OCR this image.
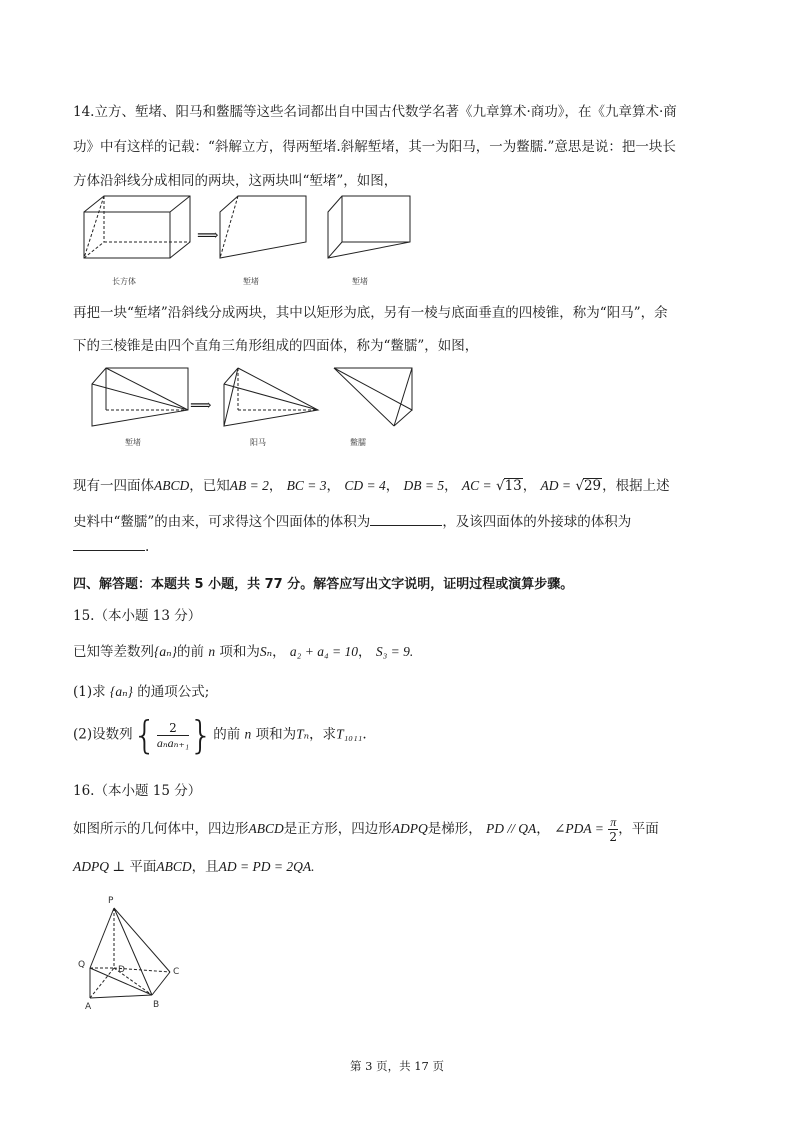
14.立方、堑堵、阳马和鳖臑等这些名词都出自中国古代数学名著《九章算术·商功》，在《九章算术·商
功》中有这样的记载：“斜解立方，得两堑堵.斜解堑堵，其一为阳马，一为鳖臑.”意思是说：把一块长
方体沿斜线分成相同的两块，这两块叫“堑堵”，如图，
⟹
长方体	堑堵	堑堵
再把一块“堑堵”沿斜线分成两块，其中以矩形为底，另有一棱与底面垂直的四棱锥，称为“阳马”，余
下的三棱锥是由四个直角三角形组成的四面体，称为“鳖臑”，如图，
⟹
堑堵	阳马	鳖臑
现有一四面体ABCD，已知AB = 2， BC = 3， CD = 4， DB = 5， AC = √13， AD = √29，根据上述
史料中“鳖臑”的由来，可求得这个四面体的体积为	，及该四面体的外接球的体积为
.
四、解答题：本题共 5 小题，共 77 分。解答应写出文字说明，证明过程或演算步骤。
15.（本小题 13 分）
已知等差数列{aₙ}的前 n 项和为Sₙ， a₂ + a₄ = 10， S₃ = 9.
(1)求 {aₙ} 的通项公式;
(2)设数列{ $\frac{2}{\text{aₙaₙ₊₁}}$ }的前 n 项和为Tₙ，求T₁₀₁₁.
16.（本小题 15 分）
如图所示的几何体中，四边形ABCD是正方形，四边形ADPQ是梯形， PD // QA， ∠PDA = $\frac{\pi}{2}$ ，平面
ADPQ ⊥ 平面ABCD，且AD = PD = 2QA.
P
Q	D	C
A	B
第 3 页，共 17 页
